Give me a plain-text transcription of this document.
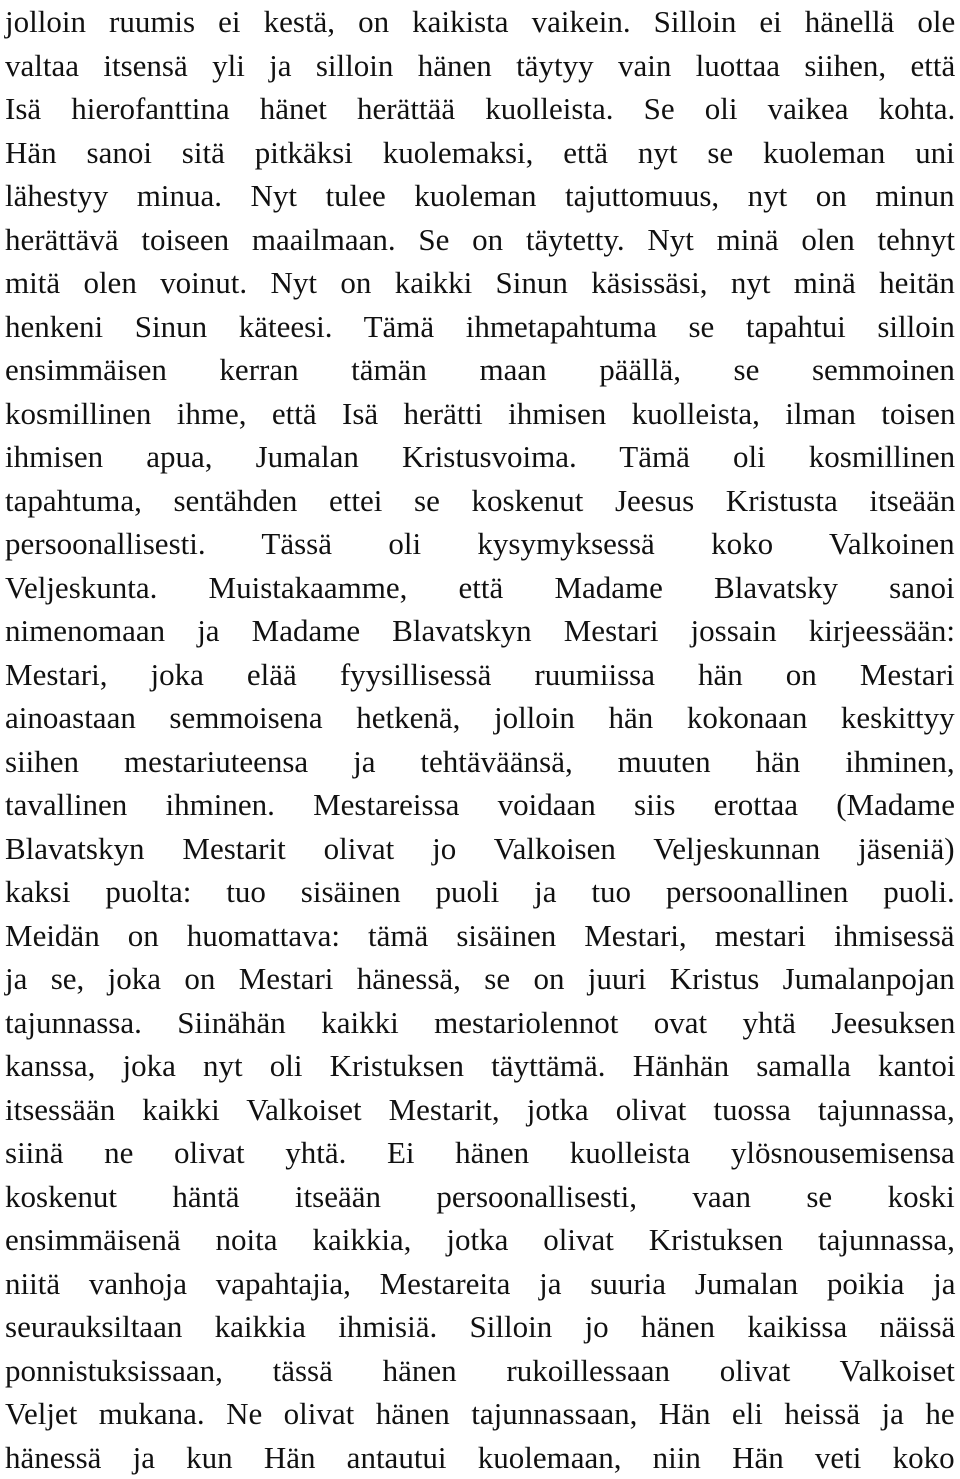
jolloin ruumis ei kestä, on kaikista vaikein. Silloin ei hänellä ole
valtaa itsensä yli ja silloin hänen täytyy vain luottaa siihen, että
Isä hierofanttina hänet herättää kuolleista. Se oli vaikea kohta.
Hän sanoi sitä pitkäksi kuolemaksi, että nyt se kuoleman uni
lähestyy minua. Nyt tulee kuoleman tajuttomuus, nyt on minun
herättävä toiseen maailmaan. Se on täytetty. Nyt minä olen tehnyt
mitä olen voinut. Nyt on kaikki Sinun käsissäsi, nyt minä heitän
henkeni Sinun käteesi. Tämä ihmetapahtuma se tapahtui silloin
ensimmäisen kerran tämän maan päällä, se semmoinen
kosmillinen ihme, että Isä herätti ihmisen kuolleista, ilman toisen
ihmisen apua, Jumalan Kristusvoima. Tämä oli kosmillinen
tapahtuma, sentähden ettei se koskenut Jeesus Kristusta itseään
persoonallisesti. Tässä oli kysymyksessä koko Valkoinen
Veljeskunta. Muistakaamme, että Madame Blavatsky sanoi
nimenomaan ja Madame Blavatskyn Mestari jossain kirjeessään:
Mestari, joka elää fyysillisessä ruumiissa hän on Mestari
ainoastaan semmoisena hetkenä, jolloin hän kokonaan keskittyy
siihen mestariuteensa ja tehtäväänsä, muuten hän ihminen,
tavallinen ihminen. Mestareissa voidaan siis erottaa (Madame
Blavatskyn Mestarit olivat jo Valkoisen Veljeskunnan jäseniä)
kaksi puolta: tuo sisäinen puoli ja tuo persoonallinen puoli.
Meidän on huomattava: tämä sisäinen Mestari, mestari ihmisessä
ja se, joka on Mestari hänessä, se on juuri Kristus Jumalanpojan
tajunnassa. Siinähän kaikki mestariolennot ovat yhtä Jeesuksen
kanssa, joka nyt oli Kristuksen täyttämä. Hänhän samalla kantoi
itsessään kaikki Valkoiset Mestarit, jotka olivat tuossa tajunnassa,
siinä ne olivat yhtä. Ei hänen kuolleista ylösnousemisensa
koskenut häntä itseään persoonallisesti, vaan se koski
ensimmäisenä noita kaikkia, jotka olivat Kristuksen tajunnassa,
niitä vanhoja vapahtajia, Mestareita ja suuria Jumalan poikia ja
seurauksiltaan kaikkia ihmisiä. Silloin jo hänen kaikissa näissä
ponnistuksissaan, tässä hänen rukoillessaan olivat Valkoiset
Veljet mukana. Ne olivat hänen tajunnassaan, Hän eli heissä ja he
hänessä ja kun Hän antautui kuolemaan, niin Hän veti koko
